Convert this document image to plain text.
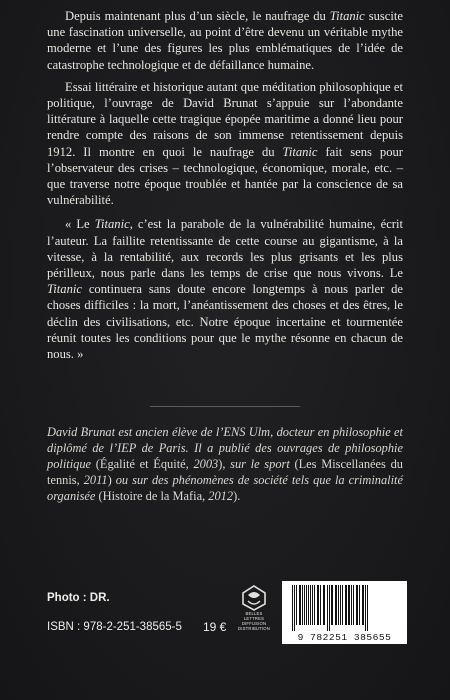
Depuis maintenant plus d’un siècle, le naufrage du Titanic suscite une fascination universelle, au point d’être devenu un véritable mythe moderne et l’une des figures les plus emblématiques de l’idée de catastrophe technologique et de défaillance humaine.

Essai littéraire et historique autant que méditation philosophique et politique, l’ouvrage de David Brunat s’appuie sur l’abondante littérature à laquelle cette tragique épopée maritime a donné lieu pour rendre compte des raisons de son immense retentissement depuis 1912. Il montre en quoi le naufrage du Titanic fait sens pour l’observateur des crises – technologique, économique, morale, etc. – que traverse notre époque troublée et hantée par la conscience de sa vulnérabilité.

« Le Titanic, c’est la parabole de la vulnérabilité humaine, écrit l’auteur. La faillite retentissante de cette course au gigantisme, à la vitesse, à la rentabilité, aux records les plus grisants et les plus périlleux, nous parle dans les temps de crise que nous vivons. Le Titanic continuera sans doute encore longtemps à nous parler de choses difficiles : la mort, l’anéantissement des choses et des êtres, le déclin des civilisations, etc. Notre époque incertaine et tourmentée réunit toutes les conditions pour que le mythe résonne en chacun de nous. »

David Brunat est ancien élève de l’ENS Ulm, docteur en philosophie et diplômé de l’IEP de Paris. Il a publié des ouvrages de philosophie politique (Égalité et Équité, 2003), sur le sport (Les Miscellanées du tennis, 2011) ou sur des phénomènes de société tels que la criminalité organisée (Histoire de la Mafia, 2012).
Photo : DR.
ISBN : 978-2-251-38565-5 19 €
BELLES LETTRES
DIFFUSION
DISTRIBUTION
9 782251 385655
